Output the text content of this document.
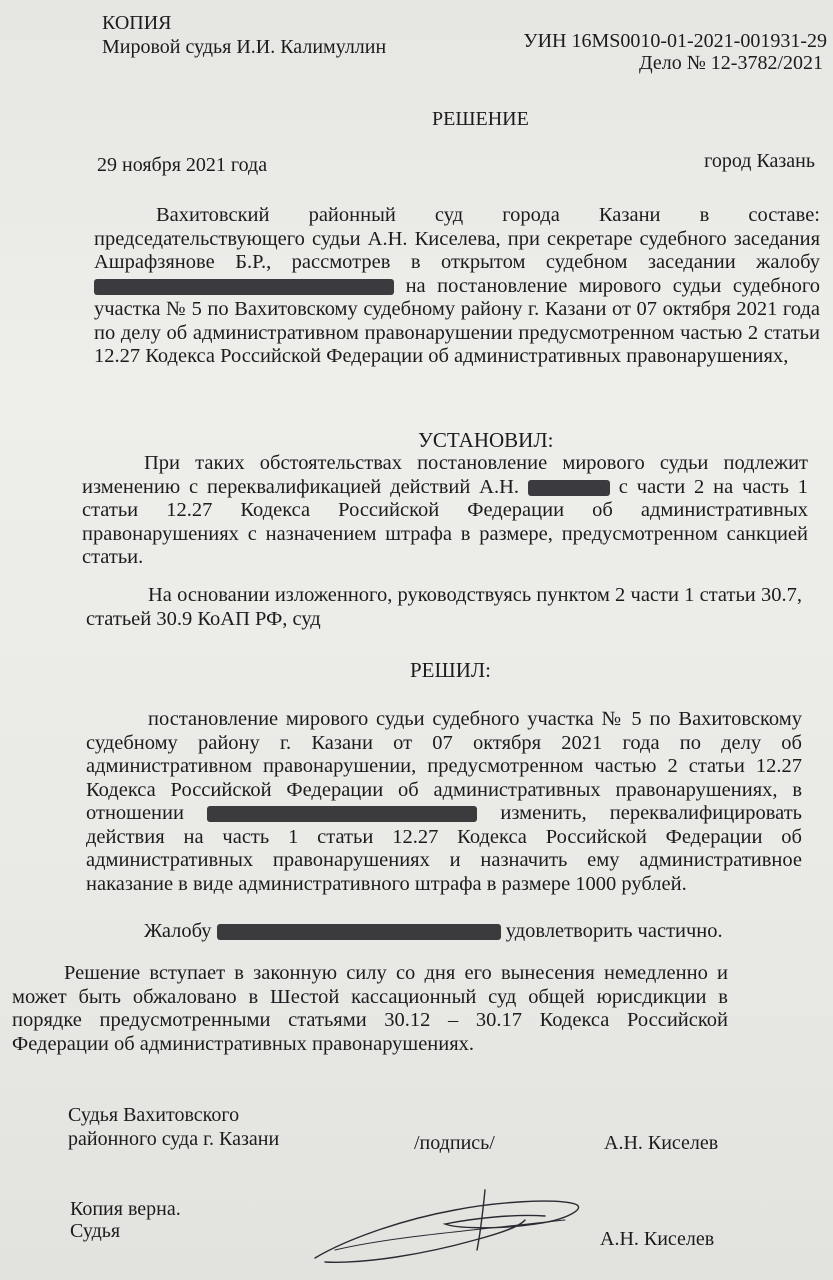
КОПИЯ
Мировой судья И.И. Калимуллин	УИН 16MS0010-01-2021-001931-29
Дело № 12-3782/2021
РЕШЕНИЕ
29 ноября 2021 года	город Казань

Вахитовский районный суд города Казани в составе: председательствующего судьи А.Н. Киселева, при секретаре судебного заседания Ашрафзяновe Б.Р., рассмотрев в открытом судебном заседании жалобу  на постановление мирового судьи судебного участка № 5 по Вахитовскому судебному району г. Казани от 07 октября 2021 года по делу об административном правонарушении предусмотренном частью 2 статьи 12.27 Кодекса Российской Федерации об административных правонарушениях,

УСТАНОВИЛ:

При таких обстоятельствах постановление мирового судьи подлежит изменению с переквалификацией действий А.Н.	с части 2 на часть 1 статьи 12.27 Кодекса Российской Федерации об административных правонарушениях с назначением штрафа в размере, предусмотренном санкцией статьи.

На основании изложенного, руководствуясь пунктом 2 части 1 статьи 30.7, статьей 30.9 КоАП РФ, суд

РЕШИЛ:

постановление мирового судьи судебного участка № 5 по Вахитовскому судебному району г. Казани от 07 октября 2021 года по делу об административном правонарушении, предусмотренном частью 2 статьи 12.27 Кодекса Российской Федерации об административных правонарушениях, в отношении	изменить, переквалифицировать действия на часть 1 статьи 12.27 Кодекса Российской Федерации об административных правонарушениях и назначить ему административное наказание в виде административного штрафа в размере 1000 рублей.

Жалобу	удовлетворить частично.

Решение вступает в законную силу со дня его вынесения немедленно и может быть обжаловано в Шестой кассационный суд общей юрисдикции в порядке предусмотренными статьями 30.12 – 30.17 Кодекса Российской Федерации об административных правонарушениях.

Судья Вахитовского
районного суда г. Казани	/подпись/	А.Н. Киселев
Копия верна.
Судья	А.Н. Киселев
